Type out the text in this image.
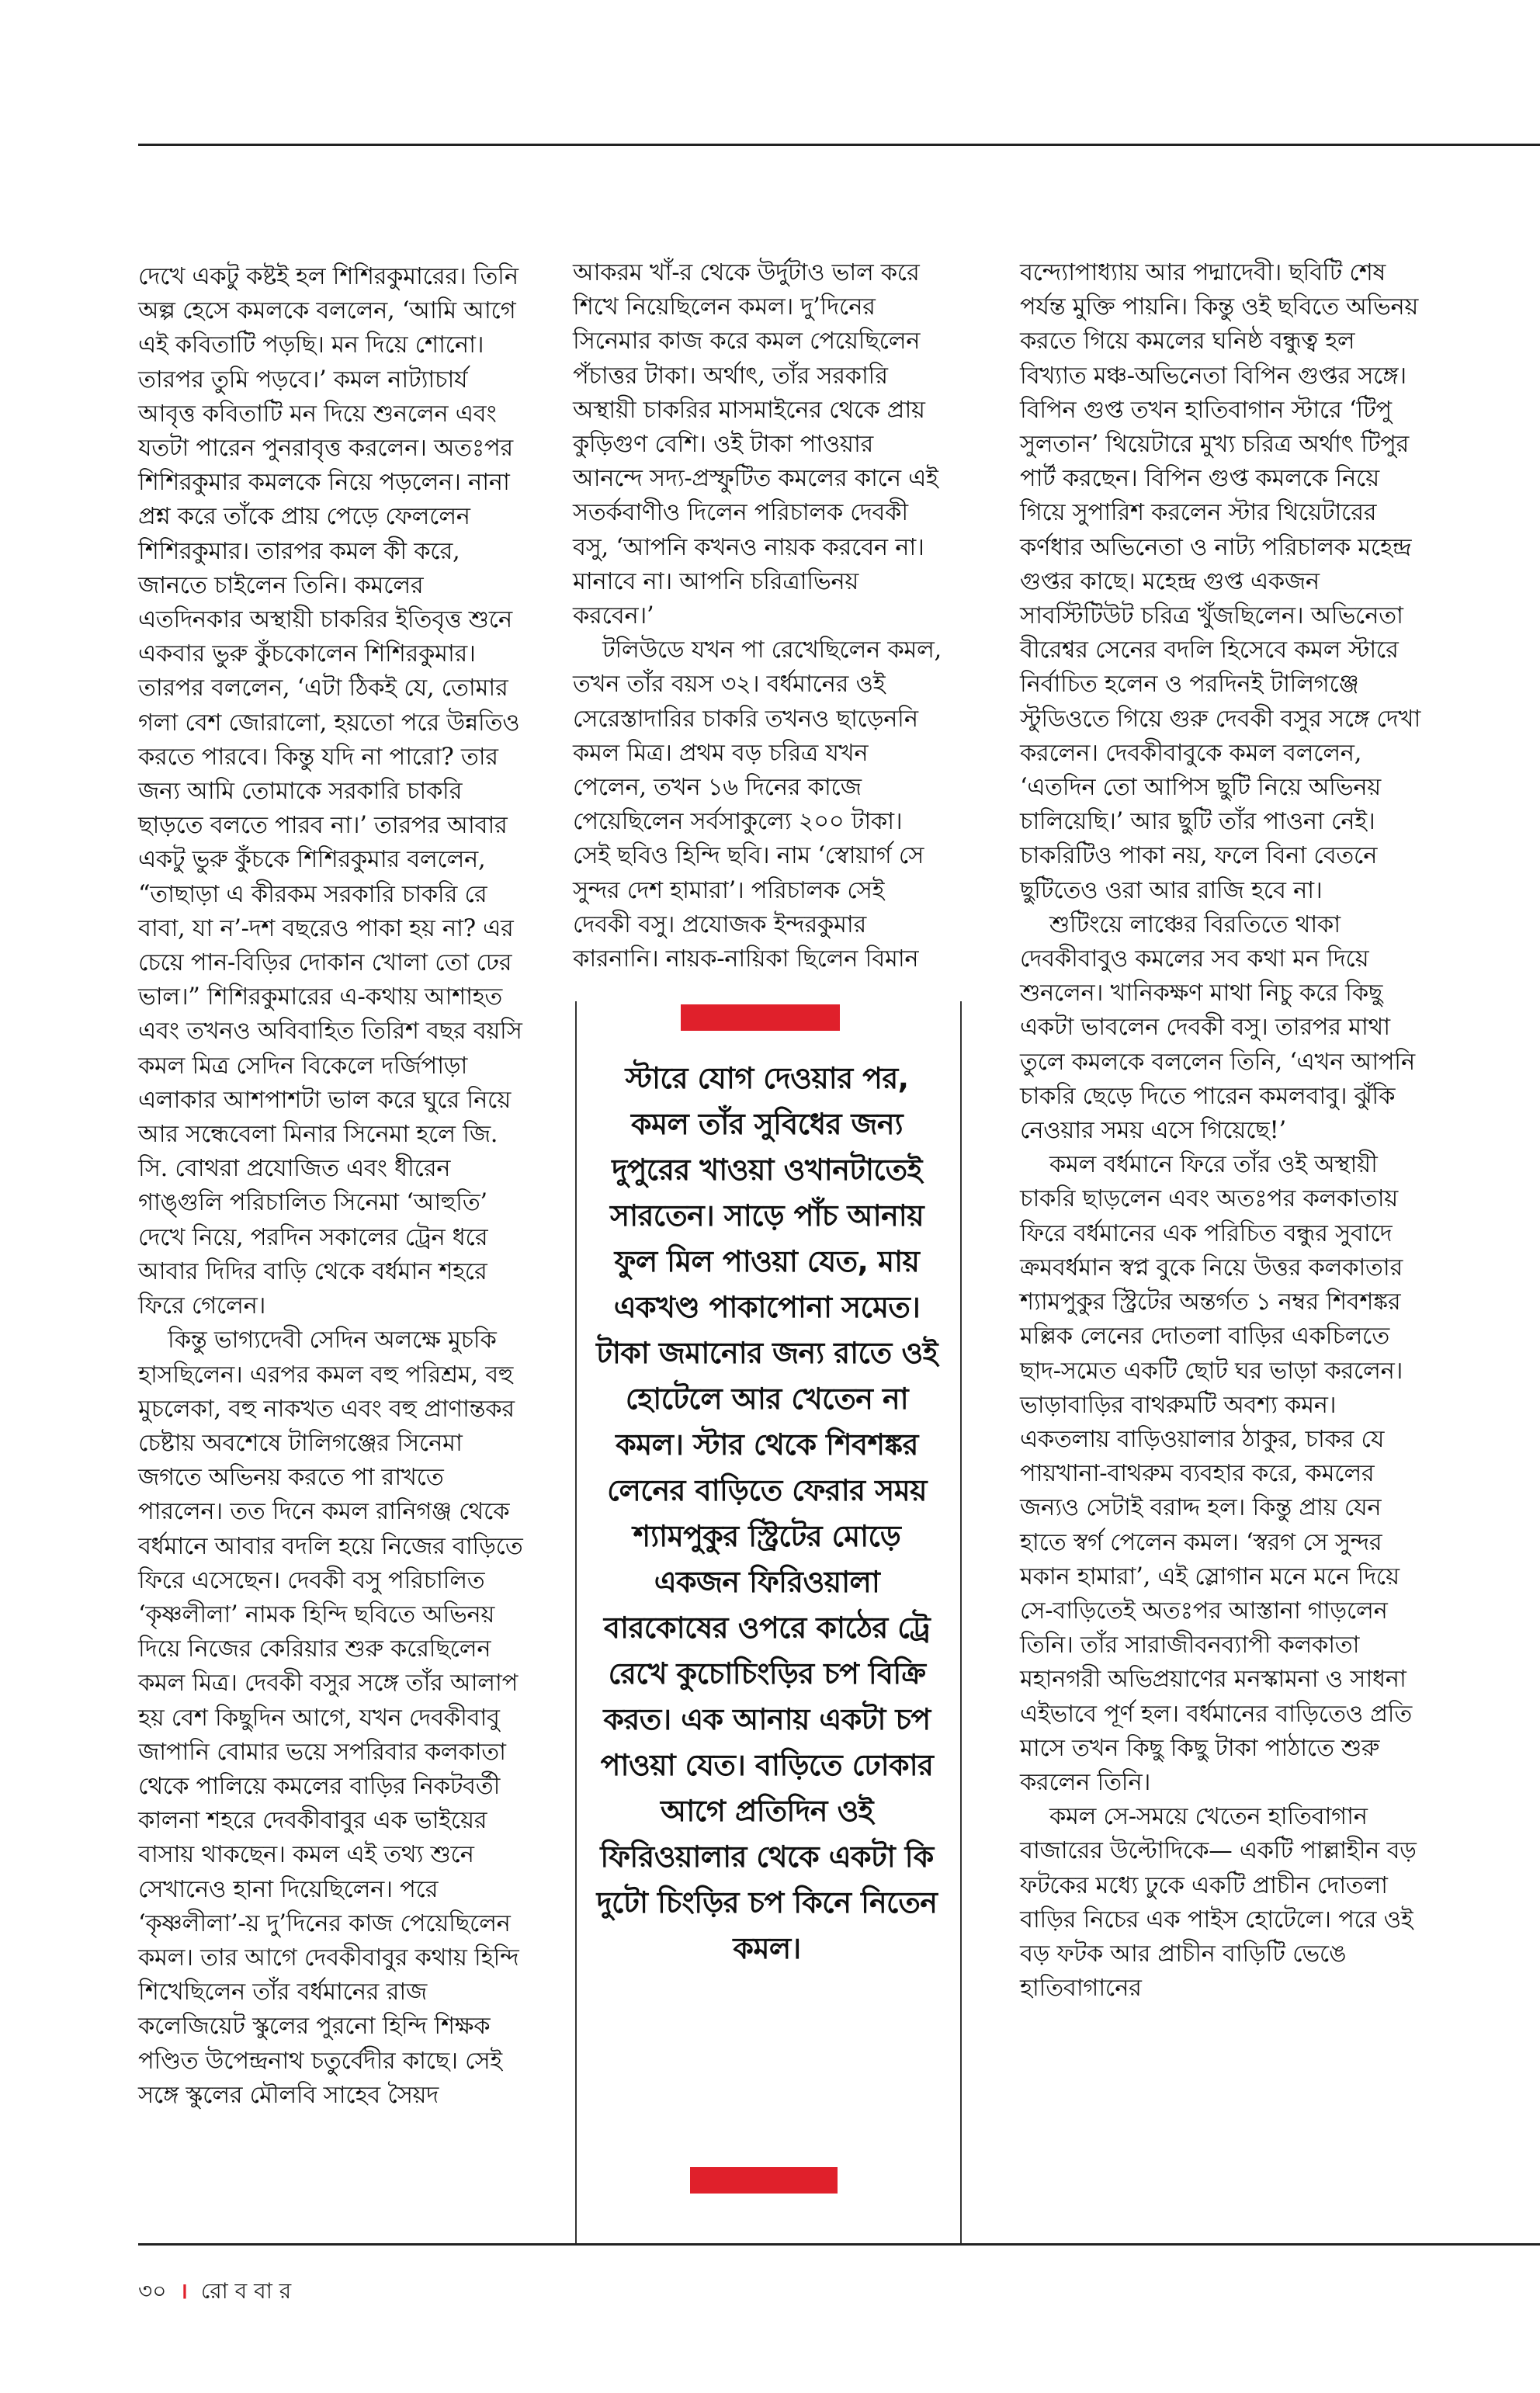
দেখে একটু কষ্টই হল শিশিরকুমারের। তিনি অল্প হেসে কমলকে বললেন, ‘আমি আগে এই কবিতাটি পড়ছি। মন দিয়ে শোনো। তারপর তুমি পড়বে।’ কমল নাট্যাচার্য আবৃত্ত কবিতাটি মন দিয়ে শুনলেন এবং যতটা পারেন পুনরাবৃত্ত করলেন। অতঃপর শিশিরকুমার কমলকে নিয়ে পড়লেন। নানা প্রশ্ন করে তাঁকে প্রায় পেড়ে ফেললেন শিশিরকুমার। তারপর কমল কী করে, জানতে চাইলেন তিনি। কমলের এতদিনকার অস্থায়ী চাকরির ইতিবৃত্ত শুনে একবার ভুরু কুঁচকোলেন শিশিরকুমার। তারপর বললেন, ‘এটা ঠিকই যে, তোমার গলা বেশ জোরালো, হয়তো পরে উন্নতিও করতে পারবে। কিন্তু যদি না পারো? তার জন্য আমি তোমাকে সরকারি চাকরি ছাড়তে বলতে পারব না।’ তারপর আবার একটু ভুরু কুঁচকে শিশিরকুমার বললেন, “তাছাড়া এ কীরকম সরকারি চাকরি রে বাবা, যা ন’-দশ বছরেও পাকা হয় না? এর চেয়ে পান-বিড়ির দোকান খোলা তো ঢের ভাল।” শিশিরকুমারের এ-কথায় আশাহত এবং তখনও অবিবাহিত তিরিশ বছর বয়সি কমল মিত্র সেদিন বিকেলে দর্জিপাড়া এলাকার আশপাশটা ভাল করে ঘুরে নিয়ে আর সন্ধেবেলা মিনার সিনেমা হলে জি. সি. বোথরা প্রযোজিত এবং ধীরেন গাঙ্গুলি পরিচালিত সিনেমা ‘আহুতি’ দেখে নিয়ে, পরদিন সকালের ট্রেন ধরে আবার দিদির বাড়ি থেকে বর্ধমান শহরে ফিরে গেলেন।

কিন্তু ভাগ্যদেবী সেদিন অলক্ষে মুচকি হাসছিলেন। এরপর কমল বহু পরিশ্রম, বহু মুচলেকা, বহু নাকখত এবং বহু প্রাণান্তকর চেষ্টায় অবশেষে টালিগঞ্জের সিনেমা জগতে অভিনয় করতে পা রাখতে পারলেন। তত দিনে কমল রানিগঞ্জ থেকে বর্ধমানে আবার বদলি হয়ে নিজের বাড়িতে ফিরে এসেছেন। দেবকী বসু পরিচালিত ‘কৃষ্ণলীলা’ নামক হিন্দি ছবিতে অভিনয় দিয়ে নিজের কেরিয়ার শুরু করেছিলেন কমল মিত্র। দেবকী বসুর সঙ্গে তাঁর আলাপ হয় বেশ কিছুদিন আগে, যখন দেবকীবাবু জাপানি বোমার ভয়ে সপরিবার কলকাতা থেকে পালিয়ে কমলের বাড়ির নিকটবর্তী কালনা শহরে দেবকীবাবুর এক ভাইয়ের বাসায় থাকছেন। কমল এই তথ্য শুনে সেখানেও হানা দিয়েছিলেন। পরে ‘কৃষ্ণলীলা’-য় দু’দিনের কাজ পেয়েছিলেন কমল। তার আগে দেবকীবাবুর কথায় হিন্দি শিখেছিলেন তাঁর বর্ধমানের রাজ কলেজিয়েট স্কুলের পুরনো হিন্দি শিক্ষক পণ্ডিত উপেন্দ্রনাথ চতুর্বেদীর কাছে। সেই সঙ্গে স্কুলের মৌলবি সাহেব সৈয়দ

আকরম খাঁ-র থেকে উর্দুটাও ভাল করে শিখে নিয়েছিলেন কমল। দু’দিনের সিনেমার কাজ করে কমল পেয়েছিলেন পঁচাত্তর টাকা। অর্থাৎ, তাঁর সরকারি অস্থায়ী চাকরির মাসমাইনের থেকে প্রায় কুড়িগুণ বেশি। ওই টাকা পাওয়ার আনন্দে সদ্য-প্রস্ফুটিত কমলের কানে এই সতর্কবাণীও দিলেন পরিচালক দেবকী বসু, ‘আপনি কখনও নায়ক করবেন না। মানাবে না। আপনি চরিত্রাভিনয় করবেন।’

টলিউডে যখন পা রেখেছিলেন কমল, তখন তাঁর বয়স ৩২। বর্ধমানের ওই সেরেস্তাদারির চাকরি তখনও ছাড়েননি কমল মিত্র। প্রথম বড় চরিত্র যখন পেলেন, তখন ১৬ দিনের কাজে পেয়েছিলেন সর্বসাকুল্যে ২০০ টাকা। সেই ছবিও হিন্দি ছবি। নাম ‘স্বোয়ার্গ সে সুন্দর দেশ হামারা’। পরিচালক সেই দেবকী বসু। প্রযোজক ইন্দরকুমার কারনানি। নায়ক-নায়িকা ছিলেন বিমান

স্টারে যোগ দেওয়ার পর, কমল তাঁর সুবিধের জন্য দুপুরের খাওয়া ওখানটাতেই সারতেন। সাড়ে পাঁচ আনায় ফুল মিল পাওয়া যেত, মায় একখণ্ড পাকাপোনা সমেত। টাকা জমানোর জন্য রাতে ওই হোটেলে আর খেতেন না কমল। স্টার থেকে শিবশঙ্কর লেনের বাড়িতে ফেরার সময় শ্যামপুকুর স্ট্রিটের মোড়ে একজন ফিরিওয়ালা বারকোষের ওপরে কাঠের ট্রে রেখে কুচোচিংড়ির চপ বিক্রি করত। এক আনায় একটা চপ পাওয়া যেত। বাড়িতে ঢোকার আগে প্রতিদিন ওই ফিরিওয়ালার থেকে একটা কি দুটো চিংড়ির চপ কিনে নিতেন কমল।

বন্দ্যোপাধ্যায় আর পদ্মাদেবী। ছবিটি শেষ পর্যন্ত মুক্তি পায়নি। কিন্তু ওই ছবিতে অভিনয় করতে গিয়ে কমলের ঘনিষ্ঠ বন্ধুত্ব হল বিখ্যাত মঞ্চ-অভিনেতা বিপিন গুপ্তর সঙ্গে। বিপিন গুপ্ত তখন হাতিবাগান স্টারে ‘টিপু সুলতান’ থিয়েটারে মুখ্য চরিত্র অর্থাৎ টিপুর পার্ট করছেন। বিপিন গুপ্ত কমলকে নিয়ে গিয়ে সুপারিশ করলেন স্টার থিয়েটারের কর্ণধার অভিনেতা ও নাট্য পরিচালক মহেন্দ্র গুপ্তর কাছে। মহেন্দ্র গুপ্ত একজন সাবস্টিটিউট চরিত্র খুঁজছিলেন। অভিনেতা বীরেশ্বর সেনের বদলি হিসেবে কমল স্টারে নির্বাচিত হলেন ও পরদিনই টালিগঞ্জে স্টুডিওতে গিয়ে গুরু দেবকী বসুর সঙ্গে দেখা করলেন। দেবকীবাবুকে কমল বললেন, ‘এতদিন তো আপিস ছুটি নিয়ে অভিনয় চালিয়েছি।’ আর ছুটি তাঁর পাওনা নেই। চাকরিটিও পাকা নয়, ফলে বিনা বেতনে ছুটিতেও ওরা আর রাজি হবে না।

শুটিংয়ে লাঞ্চের বিরতিতে থাকা দেবকীবাবুও কমলের সব কথা মন দিয়ে শুনলেন। খানিকক্ষণ মাথা নিচু করে কিছু একটা ভাবলেন দেবকী বসু। তারপর মাথা তুলে কমলকে বললেন তিনি, ‘এখন আপনি চাকরি ছেড়ে দিতে পারেন কমলবাবু। ঝুঁকি নেওয়ার সময় এসে গিয়েছে!’

কমল বর্ধমানে ফিরে তাঁর ওই অস্থায়ী চাকরি ছাড়লেন এবং অতঃপর কলকাতায় ফিরে বর্ধমানের এক পরিচিত বন্ধুর সুবাদে ক্রমবর্ধমান স্বপ্ন বুকে নিয়ে উত্তর কলকাতার শ্যামপুকুর স্ট্রিটের অন্তর্গত ১ নম্বর শিবশঙ্কর মল্লিক লেনের দোতলা বাড়ির একচিলতে ছাদ-সমেত একটি ছোট ঘর ভাড়া করলেন। ভাড়াবাড়ির বাথরুমটি অবশ্য কমন। একতলায় বাড়িওয়ালার ঠাকুর, চাকর যে পায়খানা-বাথরুম ব্যবহার করে, কমলের জন্যও সেটাই বরাদ্দ হল। কিন্তু প্রায় যেন হাতে স্বর্গ পেলেন কমল। ‘স্বরগ সে সুন্দর মকান হামারা’, এই স্লোগান মনে মনে দিয়ে সে-বাড়িতেই অতঃপর আস্তানা গাড়লেন তিনি। তাঁর সারাজীবনব্যাপী কলকাতা মহানগরী অভিপ্রয়াণের মনস্কামনা ও সাধনা এইভাবে পূর্ণ হল। বর্ধমানের বাড়িতেও প্রতি মাসে তখন কিছু কিছু টাকা পাঠাতে শুরু করলেন তিনি।

কমল সে-সময়ে খেতেন হাতিবাগান বাজারের উল্টোদিকে— একটি পাল্লাহীন বড় ফটকের মধ্যে ঢুকে একটি প্রাচীন দোতলা বাড়ির নিচের এক পাইস হোটেলে। পরে ওই বড় ফটক আর প্রাচীন বাড়িটি ভেঙে হাতিবাগানের

৩০ । রো ব বা র
